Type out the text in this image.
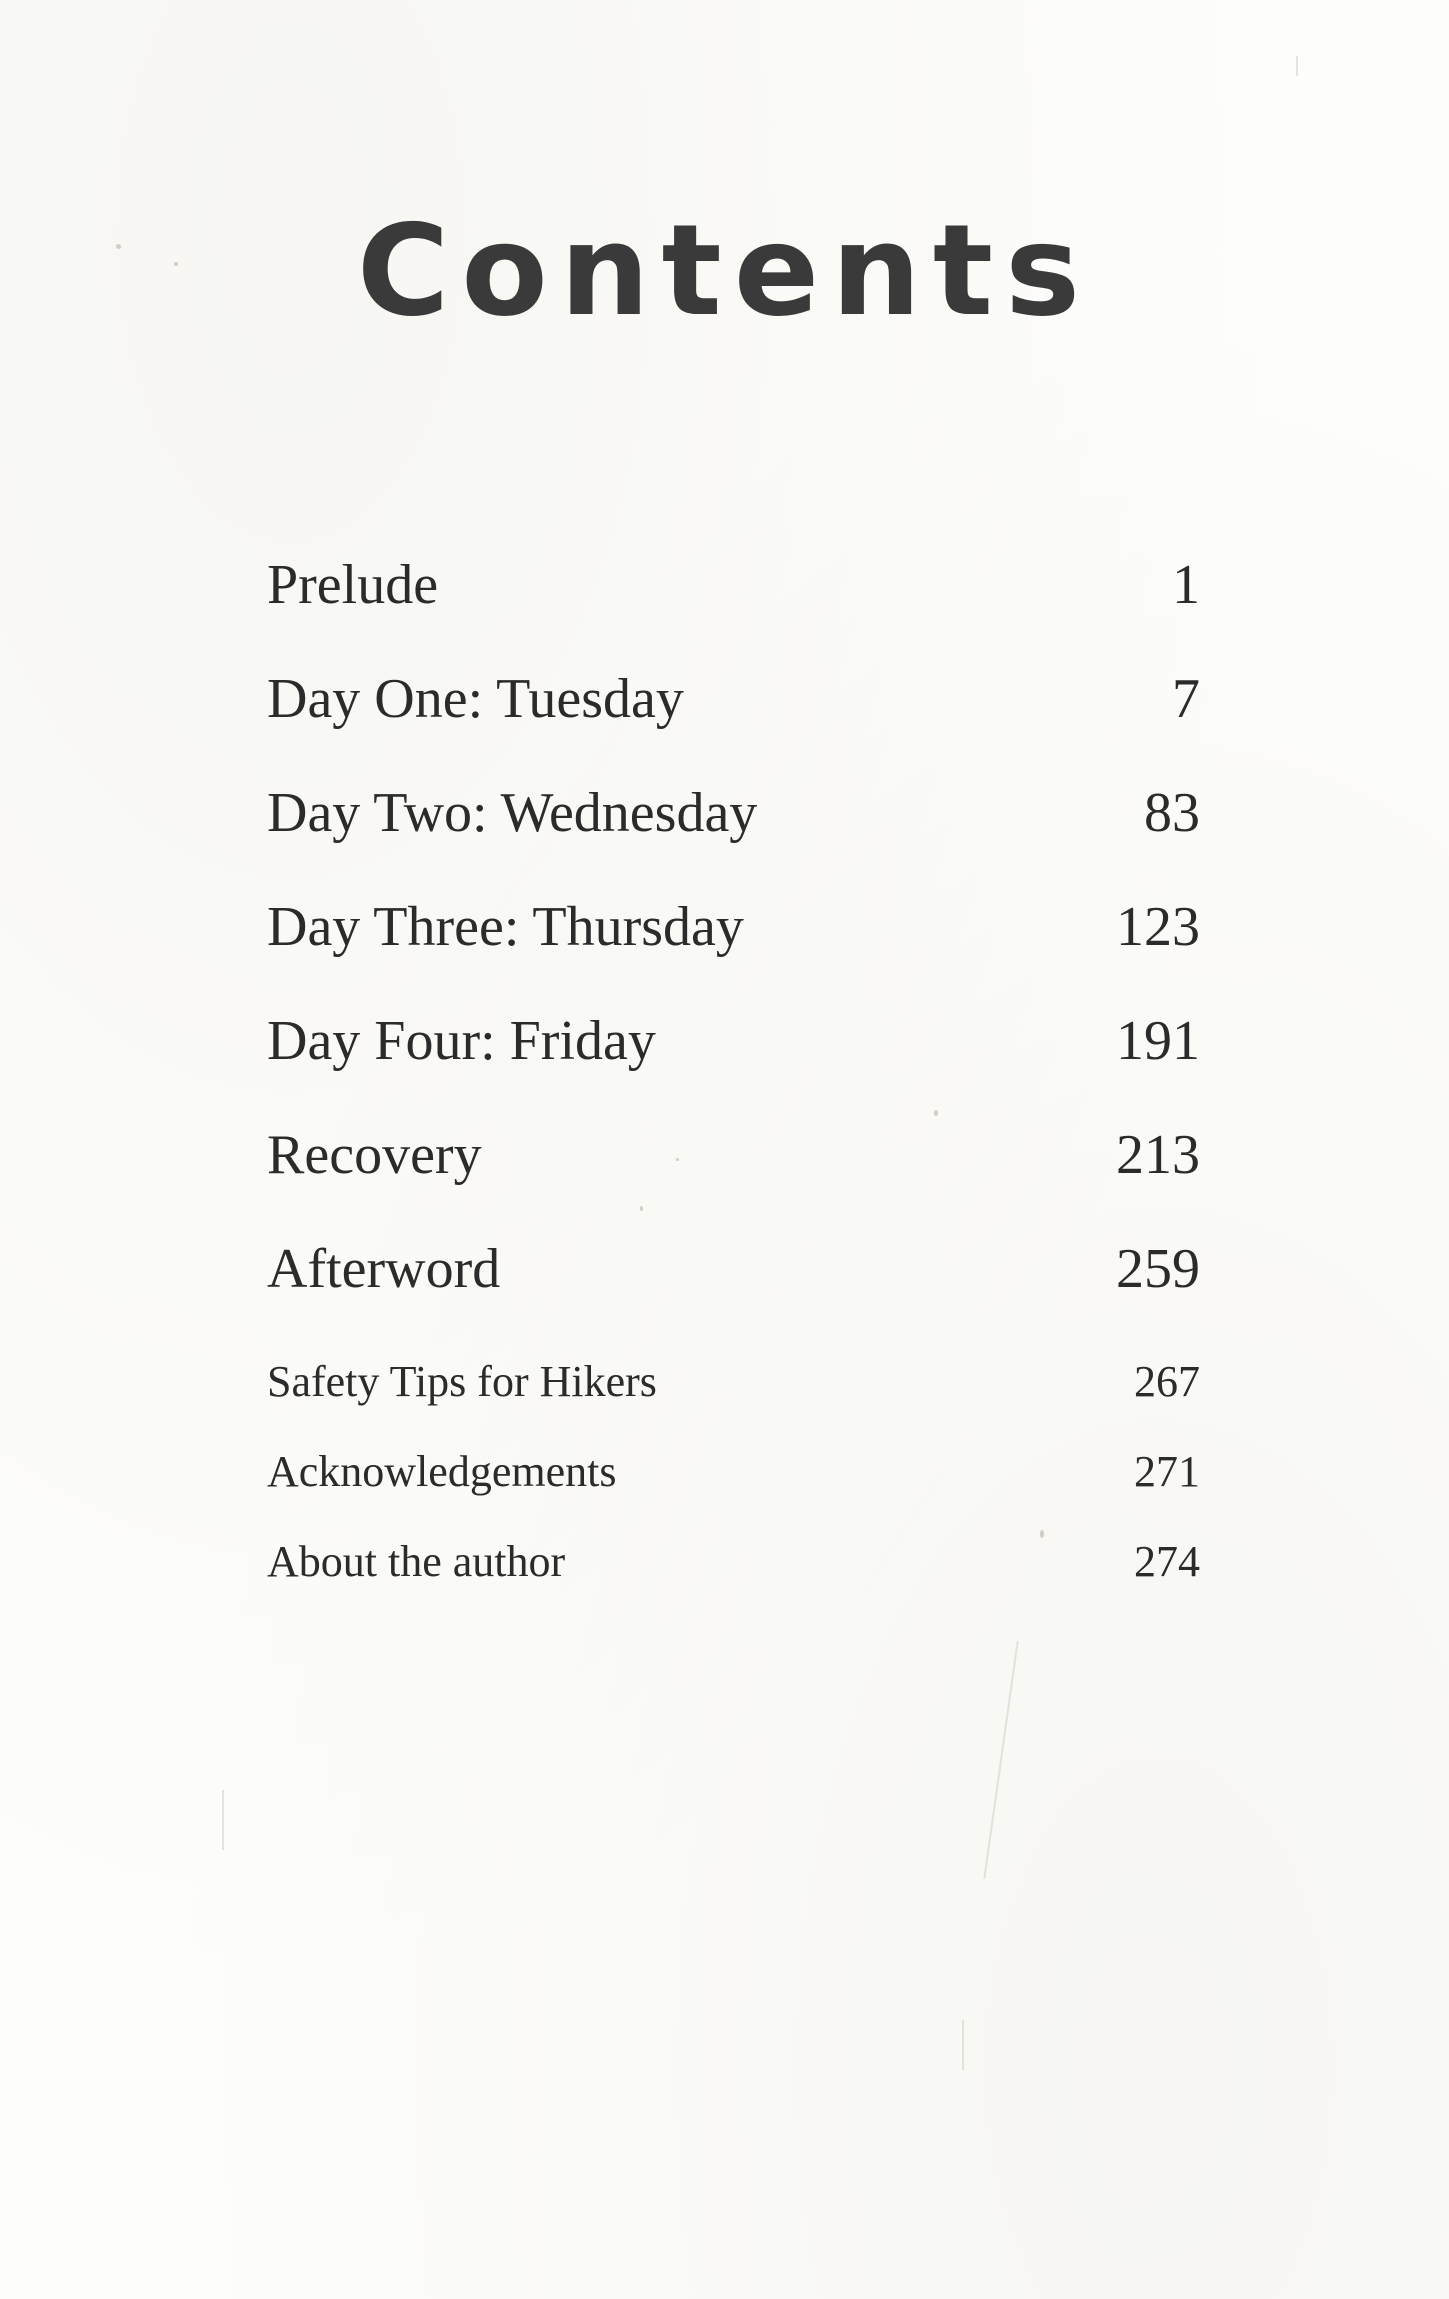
Contents
Prelude	1
Day One: Tuesday	7
Day Two: Wednesday	83
Day Three: Thursday	123
Day Four: Friday	191
Recovery	213
Afterword	259
Safety Tips for Hikers	267
Acknowledgements	271
About the author	274
